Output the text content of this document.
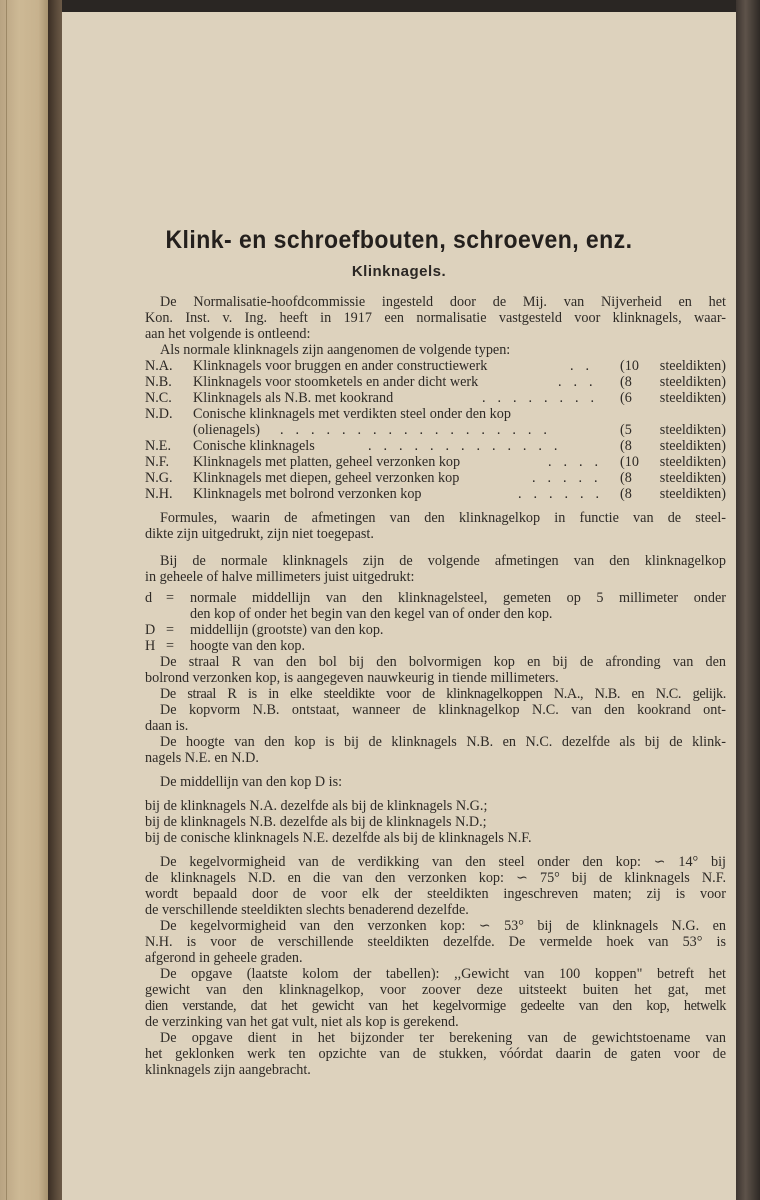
Klink- en schroefbouten, schroeven, enz.
Klinknagels.
De Normalisatie-hoofdcommissie ingesteld door de Mij. van Nijverheid en het
Kon. Inst. v. Ing. heeft in 1917 een normalisatie vastgesteld voor klinknagels, waar-
aan het volgende is ontleend:
Als normale klinknagels zijn aangenomen de volgende typen:
N.A. Klinknagels voor bruggen en ander constructiewerk	. . (10 steeldikten)
N.B. Klinknagels voor stoomketels en ander dicht werk	. . . (8 steeldikten)
N.C. Klinknagels als N.B. met kookrand	. . . . . . . . (6 steeldikten)
N.D. Conische klinknagels met verdikten steel onder den kop
(olienagels) . . . . . . . . . . . . . . . . . .	(5 steeldikten)
N.E. Conische klinknagels	. . . . . . . . . . . . .	(8 steeldikten)
N.F. Klinknagels met platten, geheel verzonken kop	. . . . (10 steeldikten)
N.G. Klinknagels met diepen, geheel verzonken kop	. . . . . (8 steeldikten)
N.H. Klinknagels met bolrond verzonken kop	. . . . . . (8 steeldikten)
Formules, waarin de afmetingen van den klinknagelkop in functie van de steel-
dikte zijn uitgedrukt, zijn niet toegepast.
Bij de normale klinknagels zijn de volgende afmetingen van den klinknagelkop
in geheele of halve millimeters juist uitgedrukt:
d = normale middellijn van den klinknagelsteel, gemeten op 5 millimeter onder
den kop of onder het begin van den kegel van of onder den kop.
D = middellijn (grootste) van den kop.
H = hoogte van den kop.
De straal R van den bol bij den bolvormigen kop en bij de afronding van den
bolrond verzonken kop, is aangegeven nauwkeurig in tiende millimeters.
De straal R is in elke steeldikte voor de klinknagelkoppen N.A., N.B. en N.C. gelijk.
De kopvorm N.B. ontstaat, wanneer de klinknagelkop N.C. van den kookrand ont-
daan is.
De hoogte van den kop is bij de klinknagels N.B. en N.C. dezelfde als bij de klink-
nagels N.E. en N.D.
De middellijn van den kop D is:
bij de klinknagels N.A. dezelfde als bij de klinknagels N.G.;
bij de klinknagels N.B. dezelfde als bij de klinknagels N.D.;
bij de conische klinknagels N.E. dezelfde als bij de klinknagels N.F.
De kegelvormigheid van de verdikking van den steel onder den kop: ∽ 14° bij
de klinknagels N.D. en die van den verzonken kop: ∽ 75° bij de klinknagels N.F.
wordt bepaald door de voor elk der steeldikten ingeschreven maten; zij is voor
de verschillende steeldikten slechts benaderend dezelfde.
De kegelvormigheid van den verzonken kop: ∽ 53° bij de klinknagels N.G. en
N.H. is voor de verschillende steeldikten dezelfde. De vermelde hoek van 53° is
afgerond in geheele graden.
De opgave (laatste kolom der tabellen): ,,Gewicht van 100 koppen" betreft het
gewicht van den klinknagelkop, voor zoover deze uitsteekt buiten het gat, met
dien verstande, dat het gewicht van het kegelvormige gedeelte van den kop, hetwelk
de verzinking van het gat vult, niet als kop is gerekend.
De opgave dient in het bijzonder ter berekening van de gewichtstoename van
het geklonken werk ten opzichte van de stukken, vóórdat daarin de gaten voor de
klinknagels zijn aangebracht.
